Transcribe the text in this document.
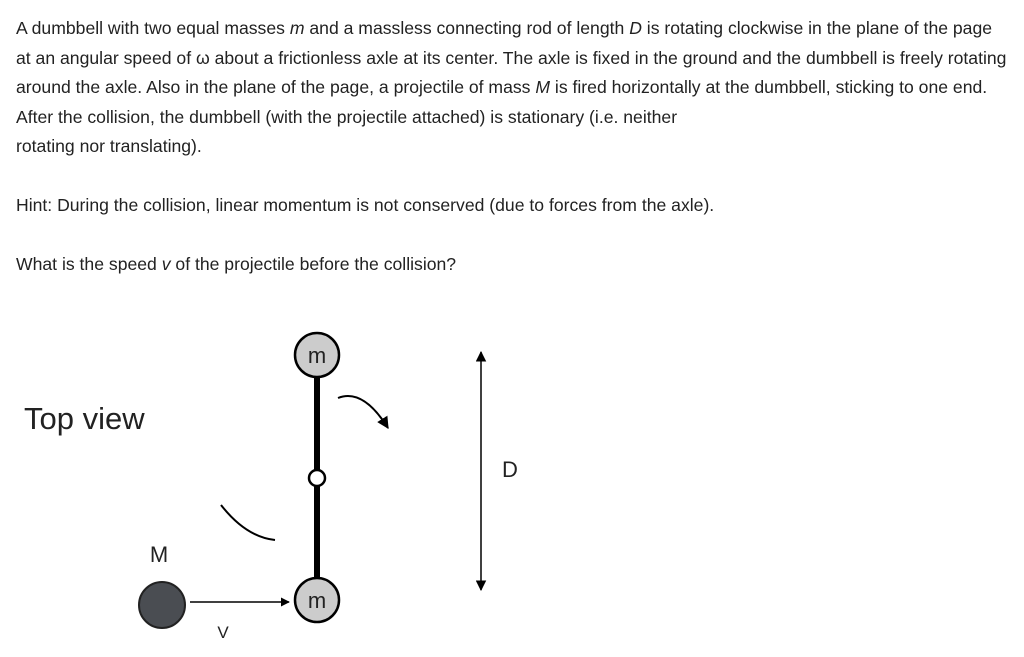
A dumbbell with two equal masses m and a massless connecting rod of length D is rotating clockwise in the plane of the page at an angular speed of ω about a frictionless axle at its center. The axle is fixed in the ground and the dumbbell is freely rotating around the axle. Also in the plane of the page, a projectile of mass M is fired horizontally at the dumbbell, sticking to one end. After the collision, the dumbbell (with the projectile attached) is stationary (i.e. neither
rotating nor translating).

Hint: During the collision, linear momentum is not conserved (due to forces from the axle).

What is the speed v of the projectile before the collision?

Top view
m
m
D
M
V
